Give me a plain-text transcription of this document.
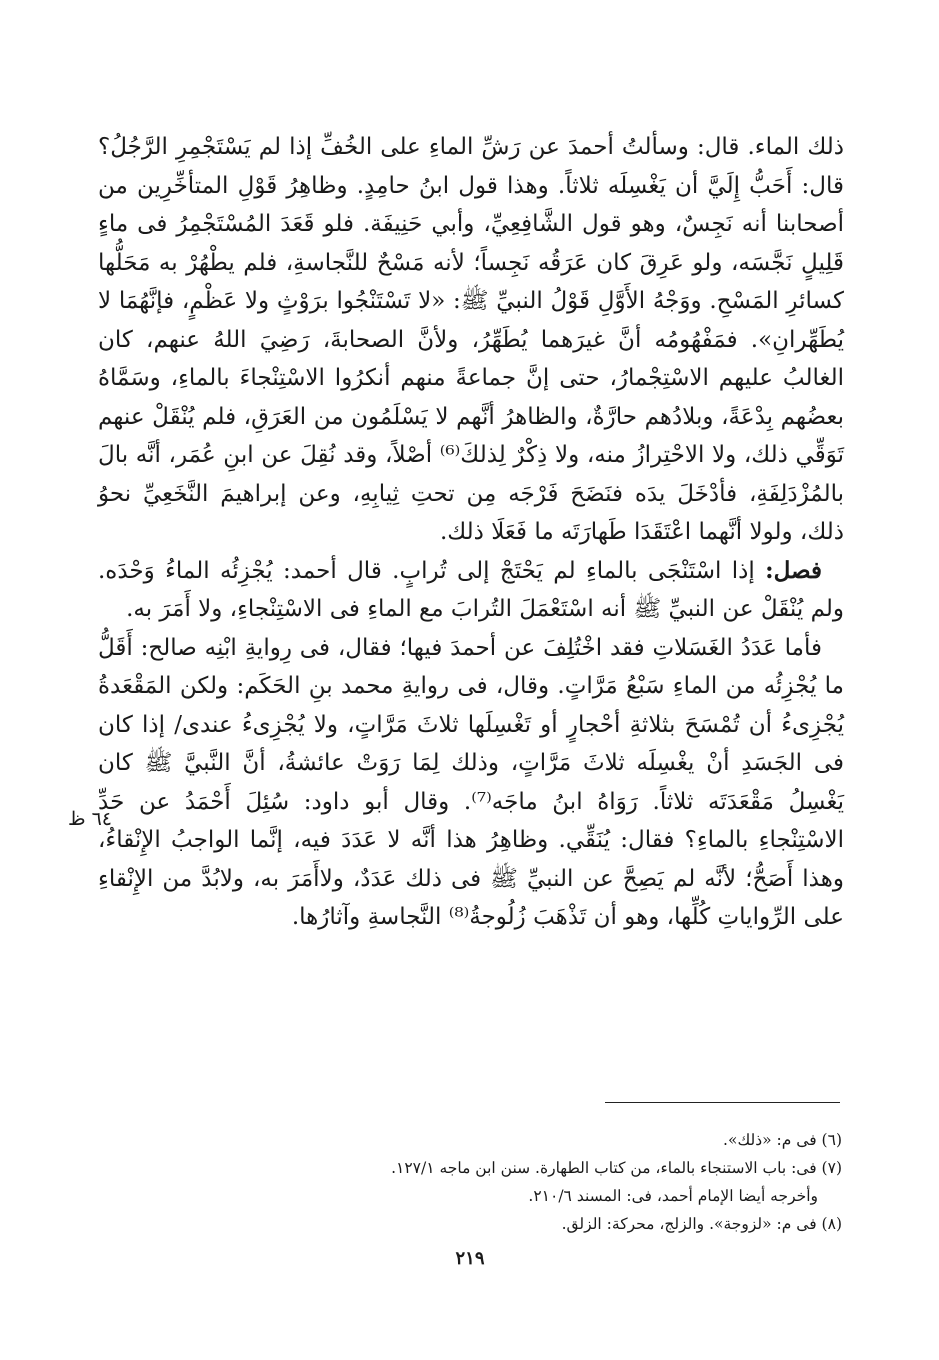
ذلك الماء. قال: وسألتُ أحمدَ عن رَشِّ الماءِ على الخُفِّ إذا لم يَسْتَجْمِرِ الرَّجُلُ؟ قال: أَحَبُّ إِلَيَّ أن يَغْسِلَه ثلاثاً. وهذا قول ابنُ حامِدٍ. وظاهِرُ قَوْلِ المتأخِّرِين من أصحابنا أنه نَجِسٌ، وهو قول الشَّافِعِيِّ، وأبي حَنِيفَة. فلو قَعَدَ المُسْتَجْمِرُ فى ماءٍ قَلِيلٍ نَجَّسَه، ولو عَرِقَ كان عَرَقُه نَجِساً؛ لأنه مَسْحٌ للنَّجاسةِ، فلم يطْهُرْ به مَحَلُّها كسائرِ المَسْحِ. ووَجْهُ الأَوَّلِ قَوْلُ النبيِّ ﷺ: «لا تَسْتَنْجُوا برَوْثٍ ولا عَظْمٍ، فإنَّهُمَا لا يُطَهِّرانِ». فمَفْهُومُه أنَّ غيرَهما يُطَهِّرُ، ولأنَّ الصحابةَ، رَضِيَ اللهُ عنهم، كان الغالبُ عليهم الاسْتِجْمارُ، حتى إنَّ جماعةً منهم أنكرُوا الاسْتِنْجاءَ بالماءِ، وسَمَّاهُ بعضُهم بِدْعَةً، وبلادُهم حارَّةٌ، والظاهرُ أنَّهم لا يَسْلَمُون من العَرَقِ، فلم يُنْقَلْ عنهم تَوَقِّي ذلك، ولا الاحْتِرازُ منه، ولا ذِكْرٌ لِذلكَ⁽⁶⁾ أصْلاً، وقد نُقِلَ عن ابنِ عُمَر، أنَّه بالَ بالمُزْدَلِفَةِ، فأدْخَلَ يدَه فنَضَحَ فَرْجَه مِن تحتِ ثِيابِهِ، وعن إبراهيمَ النَّخَعِيِّ نحوُ ذلك، ولولا أنَّهما اعْتَقَدَا طَهارَتَه ما فَعَلَا ذلك.

فصل: إذا اسْتَنْجَى بالماءِ لم يَحْتَجْ إلى تُرابٍ. قال أحمد: يُجْزِئُه الماءُ وَحْدَه. ولم يُنْقَلْ عن النبيِّ ﷺ أنه اسْتَعْمَلَ التُرابَ مع الماءِ فى الاسْتِنْجاءِ، ولا أَمَرَ به.

فأما عَدَدُ الغَسَلاتِ فقد اخْتُلِفَ عن أحمدَ فيها؛ فقال، فى رِوايةِ ابْنِه صالح: أَقَلُّ ما يُجْزِئُه من الماءِ سَبْعُ مَرَّاتٍ. وقال، فى روايةِ محمد بنِ الحَكَم: ولكن المَقْعَدةُ يُجْزِىءُ أن تُمْسَحَ بثلاثةِ أحْجارٍ أو تَغْسِلَها ثلاثَ مَرَّاتٍ، ولا يُجْزِىءُ عندى/ إذا كان فى الجَسَدِ أنْ يغْسِلَه ثلاثَ مَرَّاتٍ، وذلك لِمَا رَوَتْ عائشةُ، أنَّ النَّبيَّ ﷺ كان يَغْسِلُ مَقْعَدَتَه ثلاثاً. رَوَاهُ ابنُ ماجَه⁽⁷⁾. وقال أبو داود: سُئِلَ أَحْمَدُ عن حَدِّ الاسْتِنْجاءِ بالماءِ؟ فقال: يُنَقِّي. وظاهِرُ هذا أنَّه لا عَدَدَ فيه، إنَّما الواجبُ الإِنْقاءُ، وهذا أَصَحُّ؛ لأنَّه لم يَصِحَّ عن النبيِّ ﷺ فى ذلك عَدَدٌ، ولاأَمَرَ به، ولابُدَّ من الإِنْقاءِ على الرِّواياتِ كُلِّها، وهو أن تَذْهَبَ زُلُوجةُ⁽⁸⁾ النَّجاسةِ وآثارُها.

٦٤ ظ

(٦) فى م: «ذلك».

(٧) فى: باب الاستنجاء بالماء، من كتاب الطهارة. سنن ابن ماجه ١٢٧/١.

وأخرجه أيضا الإمام أحمد، فى: المسند ٢١٠/٦.

(٨) فى م: «لزوجة». والزلج، محركة: الزلق.

٢١٩
